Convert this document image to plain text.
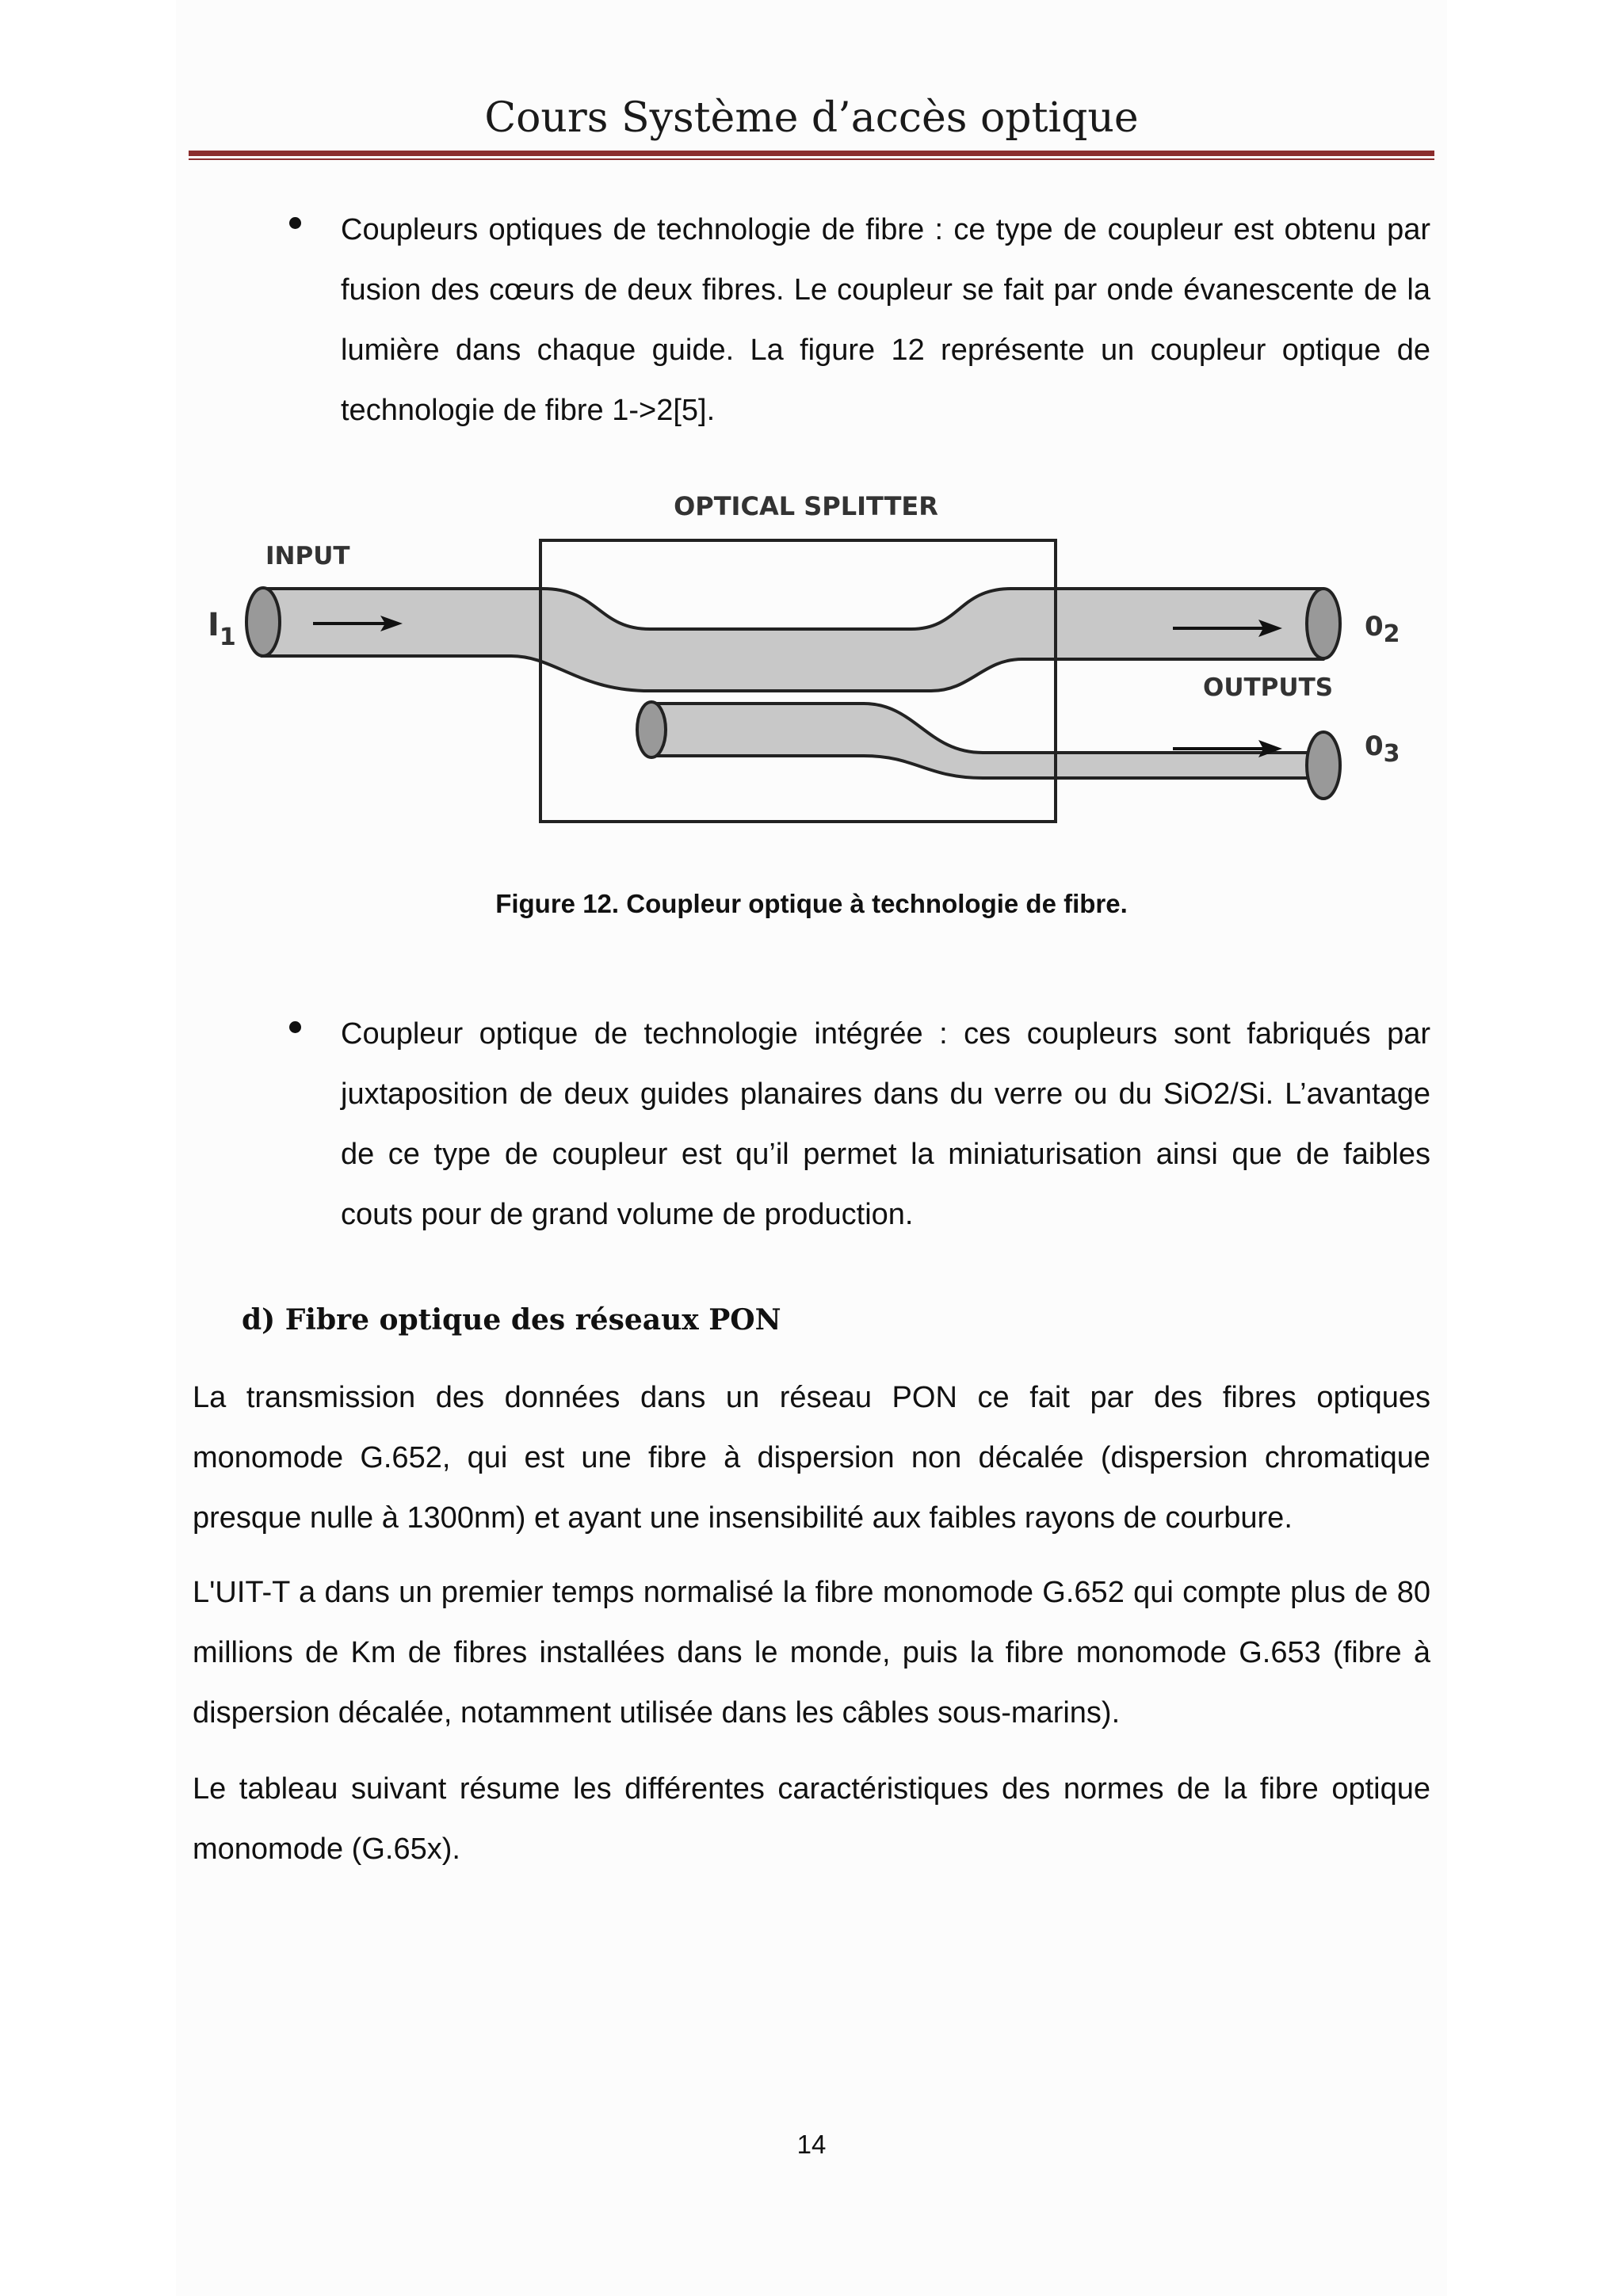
Cours Système d’accès optique
Coupleurs optiques de technologie de fibre : ce type de coupleur est obtenu par fusion des cœurs de deux fibres. Le coupleur se fait par onde évanescente de la lumière dans chaque guide. La figure 12 représente un coupleur optique de technologie de fibre 1->2[5].
OPTICAL SPLITTER
INPUT
OUTPUTS
$I_1$	02
03
Figure 12. Coupleur optique à technologie de fibre.
Coupleur optique de technologie intégrée : ces coupleurs sont fabriqués par juxtaposition de deux guides planaires dans du verre ou du SiO2/Si. L’avantage de ce type de coupleur est qu’il permet la miniaturisation ainsi que de faibles couts pour de grand volume de production.
d) Fibre optique des réseaux PON
La transmission des données dans un réseau PON ce fait par des fibres optiques monomode G.652, qui est une fibre à dispersion non décalée (dispersion chromatique presque nulle à 1300nm) et ayant une insensibilité aux faibles rayons de courbure.
L'UIT-T a dans un premier temps normalisé la fibre monomode G.652 qui compte plus de 80 millions de Km de fibres installées dans le monde, puis la fibre monomode G.653 (fibre à dispersion décalée, notamment utilisée dans les câbles sous-marins).
Le tableau suivant résume les différentes caractéristiques des normes de la fibre optique monomode (G.65x).
14
